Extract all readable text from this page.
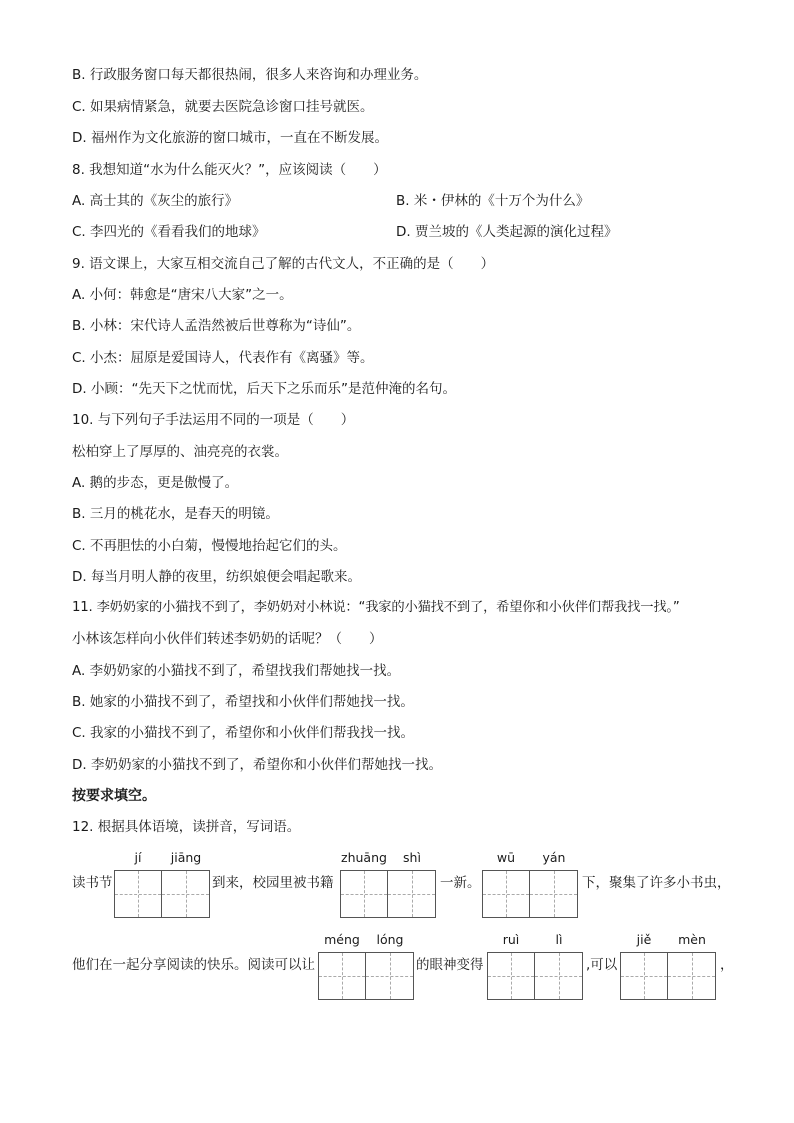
B. 行政服务窗口每天都很热闹，很多人来咨询和办理业务。
C. 如果病情紧急，就要去医院急诊窗口挂号就医。
D. 福州作为文化旅游的窗口城市，一直在不断发展。
8. 我想知道“水为什么能灭火？”，应该阅读（　　）
A. 高士其的《灰尘的旅行》	B. 米・伊林的《十万个为什么》
C. 李四光的《看看我们的地球》	D. 贾兰坡的《人类起源的演化过程》
9. 语文课上，大家互相交流自己了解的古代文人，不正确的是（　　）
A. 小何：韩愈是“唐宋八大家”之一。
B. 小林：宋代诗人孟浩然被后世尊称为“诗仙”。
C. 小杰：屈原是爱国诗人，代表作有《离骚》等。
D. 小顾：“先天下之忧而忧，后天下之乐而乐”是范仲淹的名句。
10. 与下列句子手法运用不同的一项是（　　）
松柏穿上了厚厚的、油亮亮的衣裳。
A. 鹅的步态，更是傲慢了。
B. 三月的桃花水，是春天的明镜。
C. 不再胆怯的小白菊，慢慢地抬起它们的头。
D. 每当月明人静的夜里，纺织娘便会唱起歌来。
11. 李奶奶家的小猫找不到了，李奶奶对小林说：“我家的小猫找不到了，希望你和小伙伴们帮我找一找。”
小林该怎样向小伙伴们转述李奶奶的话呢？（　　）
A. 李奶奶家的小猫找不到了，希望找我们帮她找一找。
B. 她家的小猫找不到了，希望找和小伙伴们帮她找一找。
C. 我家的小猫找不到了，希望你和小伙伴们帮我找一找。
D. 李奶奶家的小猫找不到了，希望你和小伙伴们帮她找一找。
按要求填空。
12. 根据具体语境，读拼音，写词语。
读书节
jí	jiāng
到来，校园里被书籍
zhuāng	shì
一新。
wū	yán
下，聚集了许多小书虫，
他们在一起分享阅读的快乐。阅读可以让
méng	lóng
的眼神变得
ruì	lì
,可以
jiě	mèn
，
